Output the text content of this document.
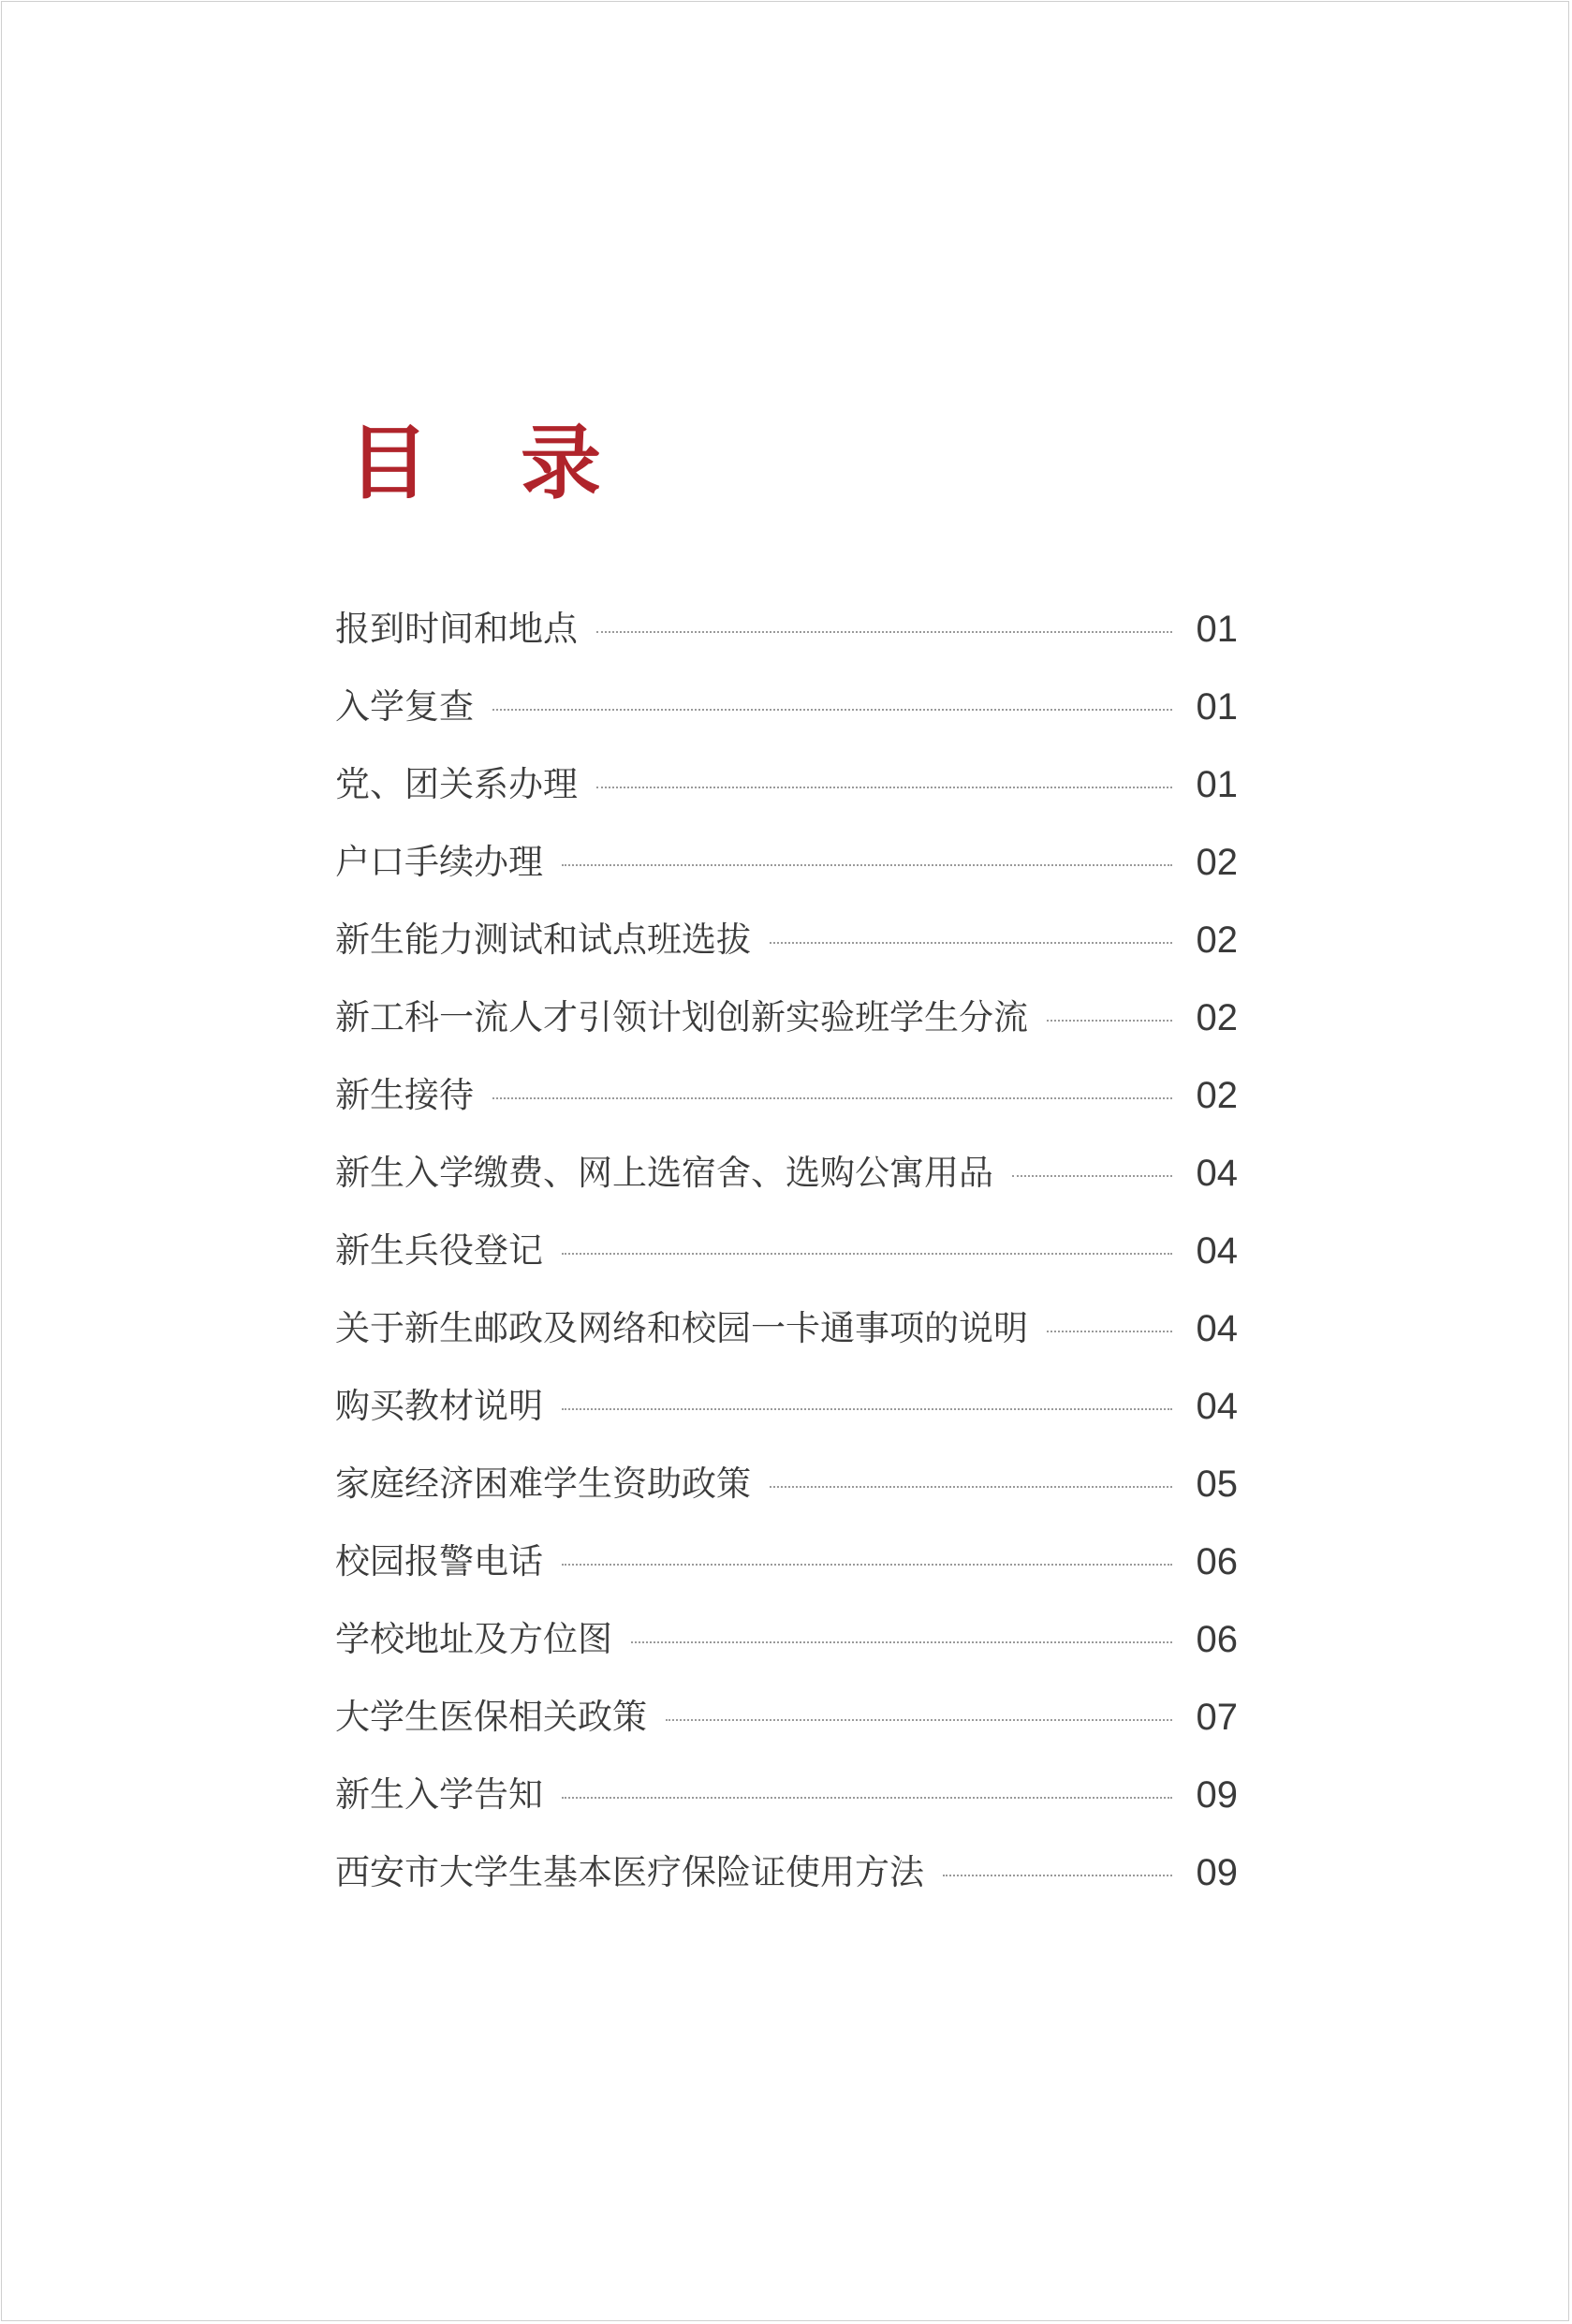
目 录
报到时间和地点	01
入学复查	01
党、团关系办理	01
户口手续办理	02
新生能力测试和试点班选拔	02
新工科一流人才引领计划创新实验班学生分流	02
新生接待	02
新生入学缴费、网上选宿舍、选购公寓用品	04
新生兵役登记	04
关于新生邮政及网络和校园一卡通事项的说明	04
购买教材说明	04
家庭经济困难学生资助政策	05
校园报警电话	06
学校地址及方位图	06
大学生医保相关政策	07
新生入学告知	09
西安市大学生基本医疗保险证使用方法	09
